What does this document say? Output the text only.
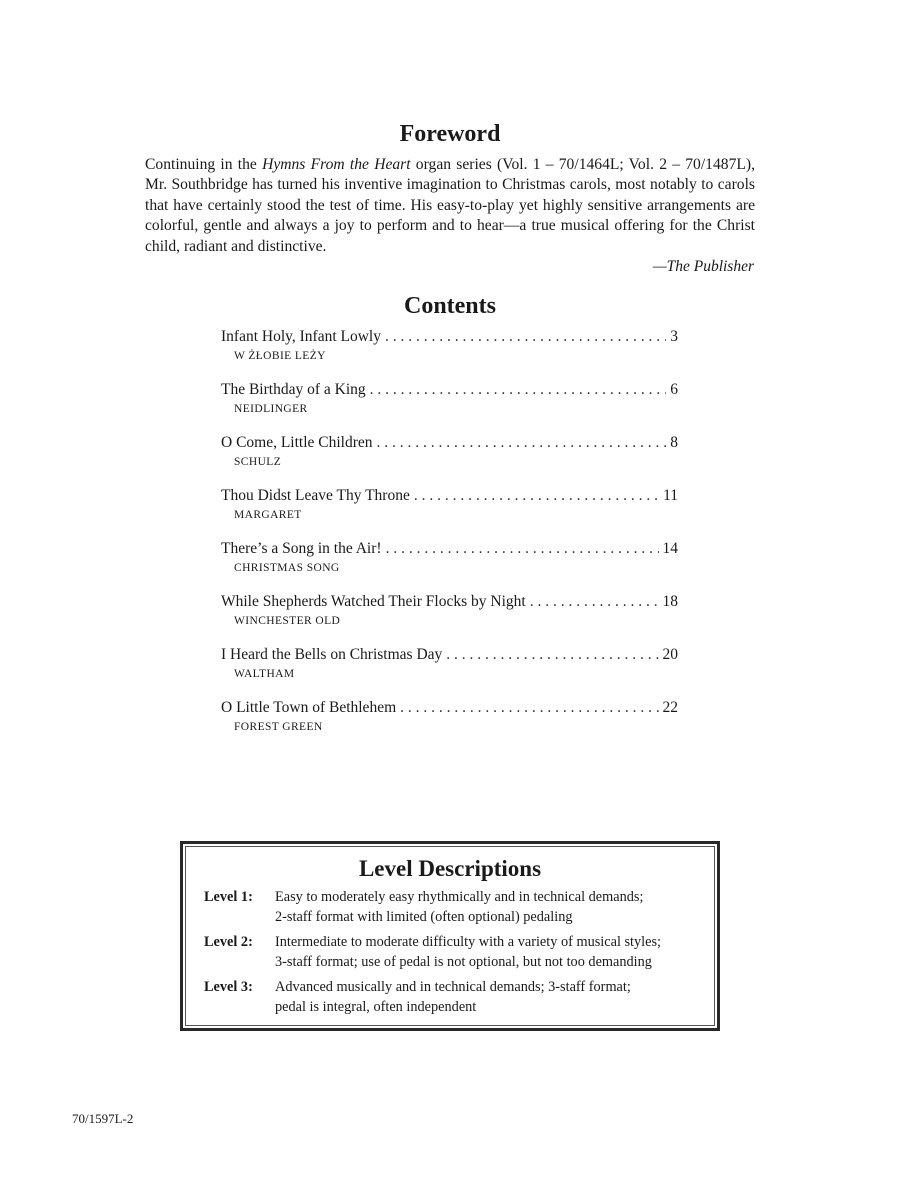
Foreword

Continuing in the Hymns From the Heart organ series (Vol. 1 – 70/1464L; Vol. 2 – 70/1487L), Mr. Southbridge has turned his inventive imagination to Christmas carols, most notably to carols that have certainly stood the test of time. His easy-to-play yet highly sensitive arrangements are colorful, gentle and always a joy to perform and to hear—a true musical offering for the Christ child, radiant and distinctive.

—The Publisher

Contents
Infant Holy, Infant Lowly . . .	3
W ŻŁOBIE LEŻY
The Birthday of a King . . .	6
NEIDLINGER
O Come, Little Children . . .	8
SCHULZ
Thou Didst Leave Thy Throne . . .	11
MARGARET
There’s a Song in the Air! . . .	14
CHRISTMAS SONG
While Shepherds Watched Their Flocks by Night . . .	18
WINCHESTER OLD
I Heard the Bells on Christmas Day . . .	20
WALTHAM
O Little Town of Bethlehem . . .	22
FOREST GREEN
Level Descriptions
Level 1:	Easy to moderately easy rhythmically and in technical demands;
2-staff format with limited (often optional) pedaling
Level 2:	Intermediate to moderate difficulty with a variety of musical styles;
3-staff format; use of pedal is not optional, but not too demanding
Level 3:	Advanced musically and in technical demands; 3-staff format;
pedal is integral, often independent

70/1597L-2
